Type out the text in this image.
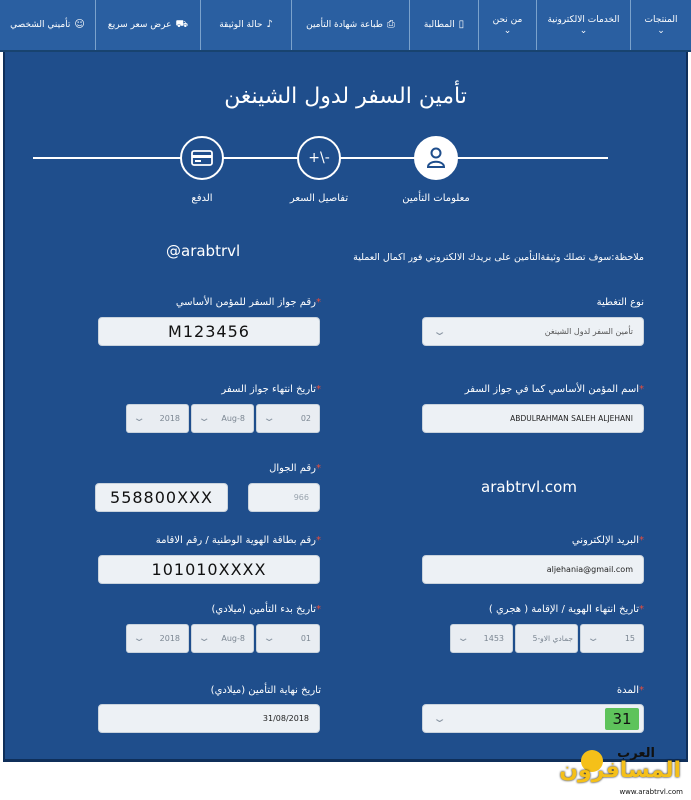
المنتجات
⌄
الخدمات الالكترونية
⌄
من نحن
⌄
المطالبة ▯
طباعة شهادة التأمين ⎙
حالة الوثيقة ♪
عرض سعر سريع ⛟
تأميني الشخصي ☺
تأمين السفر لدول الشينغن
+\-
معلومات التأمين
تفاصيل السعر
الدفع
ملاحظة:سوف تصلك وثيقةالتأمين على بريدك الالكتروني فور اكمال العملية
@arabtrvl
arabtrvl.com
نوع التغطية
تأمين السفر لدول الشينغن
⌄
*رقم جواز السفر للمؤمن الأساسي
M123456
*اسم المؤمن الأساسي كما في جواز السفر
ABDULRAHMAN SALEH ALJEHANI
*تاريخ انتهاء جواز السفر
02
⌄
Aug-8
⌄
2018
⌄
*رقم الجوال
966
558800XXX
*البريد الإلكتروني
aljehania@gmail.com
*رقم بطاقة الهوية الوطنية / رقم الاقامة
101010XXXX
*تاريخ انتهاء الهوية / الإقامة ( هجري )
15
⌄
5-جمادي الاو
1453
⌄
*تاريخ بدء التأمين (ميلادي)
01
⌄
Aug-8
⌄
2018
⌄
*المدة
⌄	31
تاريخ نهاية التأمين (ميلادي)
31/08/2018
العرب
المسافرون
www.arabtrvl.com
